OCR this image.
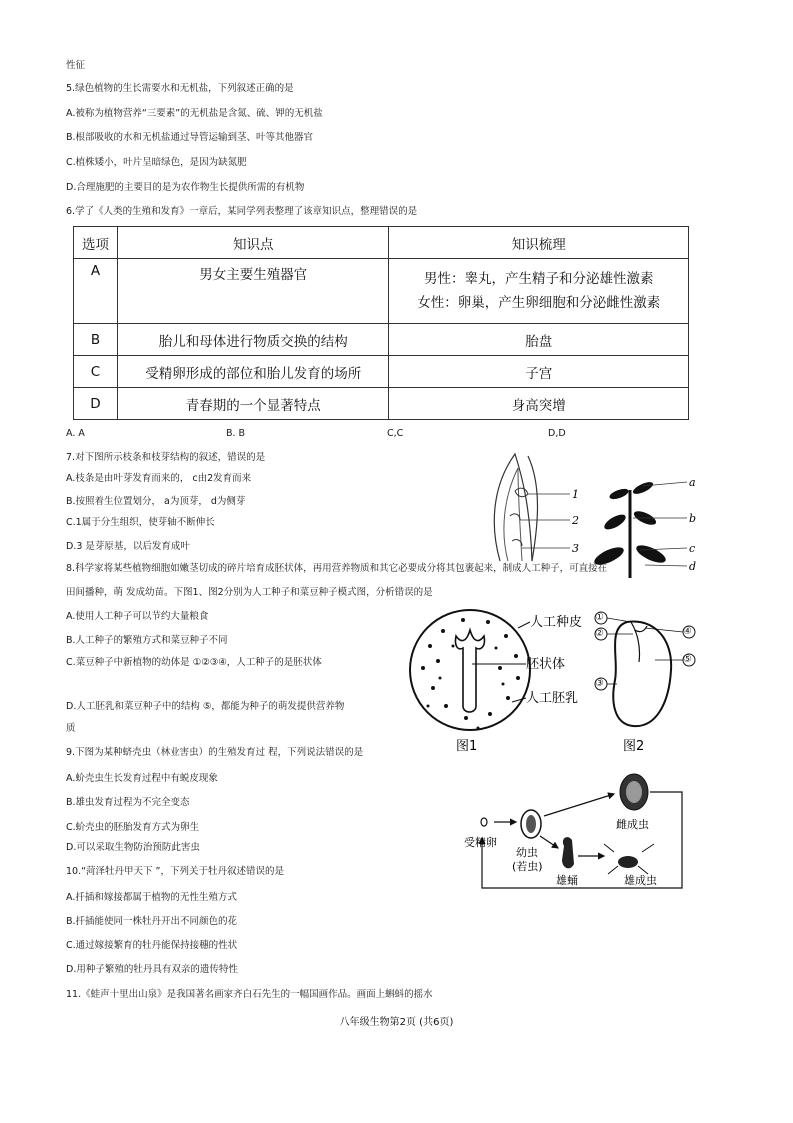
性征
5.绿色植物的生长需要水和无机盐，下列叙述正确的是
A.被称为植物营养“三要素”的无机盐是含氮、硫、钾的无机盐
B.根部吸收的水和无机盐通过导管运输到茎、叶等其他器官
C.植株矮小，叶片呈暗绿色，是因为缺氮肥
D.合理施肥的主要目的是为农作物生长提供所需的有机物
6.学了《人类的生殖和发育》一章后，某同学列表整理了该章知识点，整理错误的是
选项	知识点	知识梳理
A	男女主要生殖器官	男性：睾丸，产生精子和分泌雄性激素
女性：卵巢，产生卵细胞和分泌雌性激素

B	胎儿和母体进行物质交换的结构	胎盘
C	受精卵形成的部位和胎儿发育的场所	子宫
D	青春期的一个显著特点	身高突增
A. A	B. B	C,C	D,D
7.对下图所示枝条和枝芽结构的叙述，错误的是
A.枝条是由叶芽发育而来的， c由2发育而来
B.按照着生位置划分， a为顶芽， d为侧芽
C.1属于分生组织，使芽轴不断伸长
D.3 是芽原基，以后发育成叶
1
2
3
a
b
c
d
8.科学家将某些植物细胞如嫩茎切成的碎片培育成胚状体，再用营养物质和其它必要成分将其包裹起来，制成人工种子，可直接在
田间播种，萌 发成幼苗。下图1、图2分别为人工种子和菜豆种子模式图，分析错误的是
A.使用人工种子可以节约大量粮食
B.人工种子的繁殖方式和菜豆种子不同
C.菜豆种子中新植物的幼体是 ①②③④，人工种子的是胚状体
D.人工胚乳和菜豆种子中的结构 ⑤，都能为种子的萌发提供营养物
质
人工种皮
胚状体
人工胚乳
图1	图2
①
②
③
④
⑤
9.下图为某种蛴壳虫（林业害虫）的生殖发育过 程，下列说法错误的是
A.蚧壳虫生长发育过程中有蜕皮现象
B.雄虫发育过程为不完全变态
C.蚧壳虫的胚胎发育方式为卵生
D.可以采取生物防治预防此害虫	受精卵
幼虫
(若虫)
雄蛹
雌成虫
雄成虫
10.“菏泽牡丹甲天下 ”，下列关于牡丹叙述错误的是
A.扦插和嫁接都属于植物的无性生殖方式
B.扦插能使同一株牡丹开出不同颜色的花
C.通过嫁接繁育的牡丹能保持接穗的性状
D.用种子繁殖的牡丹具有双亲的遗传特性
11.《蛙声十里出山泉》是我国著名画家齐白石先生的一幅国画作品。画面上蝌蚪的摇水
八年级生物第2页 (共6页)
